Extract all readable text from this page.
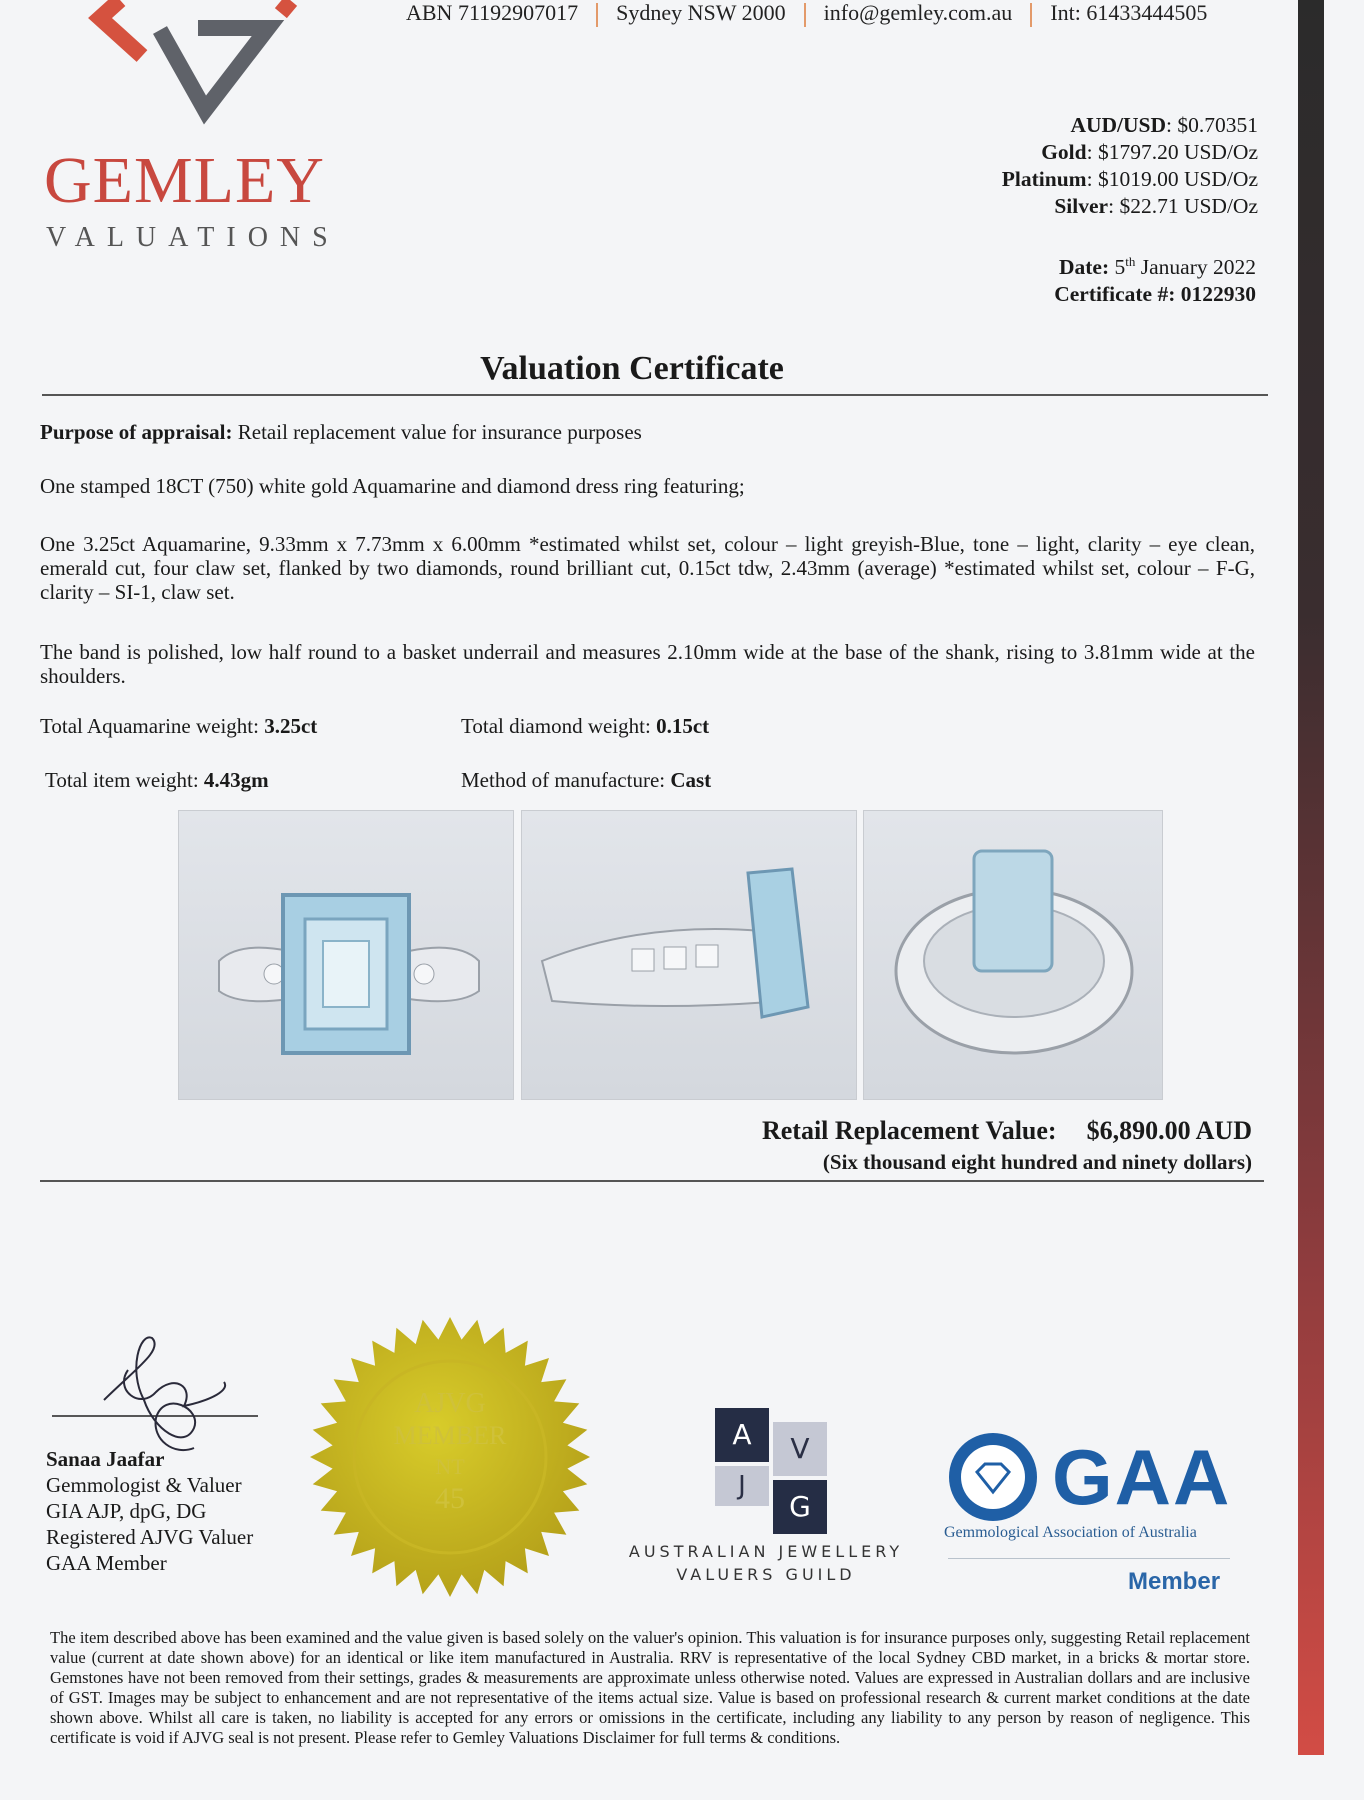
ABN 71192907017 Sydney NSW 2000 info@gemley.com.au Int: 61433444505
GEMLEY
VALUATIONS
AUD/USD: $0.70351
Gold: $1797.20 USD/Oz
Platinum: $1019.00 USD/Oz
Silver: $22.71 USD/Oz
Date: 5th January 2022
Certificate #: 0122930
Valuation Certificate
Purpose of appraisal: Retail replacement value for insurance purposes
One stamped 18CT (750) white gold Aquamarine and diamond dress ring featuring;
One 3.25ct Aquamarine, 9.33mm x 7.73mm x 6.00mm *estimated whilst set, colour – light greyish-Blue, tone – light, clarity – eye clean, emerald cut, four claw set, flanked by two diamonds, round brilliant cut, 0.15ct tdw, 2.43mm (average) *estimated whilst set, colour – F-G, clarity – SI-1, claw set.
The band is polished, low half round to a basket underrail and measures 2.10mm wide at the base of the shank, rising to 3.81mm wide at the shoulders.
Total Aquamarine weight: 3.25ct	Total diamond weight: 0.15ct
Total item weight: 4.43gm	Method of manufacture: Cast
Retail Replacement Value: $6,890.00 AUD
(Six thousand eight hundred and ninety dollars)
Sanaa Jaafar
Gemmologist & Valuer
GIA AJP, dpG, DG
Registered AJVG Valuer
GAA Member
AJVG
MEMBER
NT
45
A	V
J
G
AUSTRALIAN JEWELLERY
VALUERS GUILD
GAA
Gemmological Association of Australia
Member
The item described above has been examined and the value given is based solely on the valuer's opinion. This valuation is for insurance purposes only, suggesting Retail replacement value (current at date shown above) for an identical or like item manufactured in Australia. RRV is representative of the local Sydney CBD market, in a bricks & mortar store. Gemstones have not been removed from their settings, grades & measurements are approximate unless otherwise noted. Values are expressed in Australian dollars and are inclusive of GST. Images may be subject to enhancement and are not representative of the items actual size. Value is based on professional research & current market conditions at the date shown above. Whilst all care is taken, no liability is accepted for any errors or omissions in the certificate, including any liability to any person by reason of negligence. This certificate is void if AJVG seal is not present. Please refer to Gemley Valuations Disclaimer for full terms & conditions.
